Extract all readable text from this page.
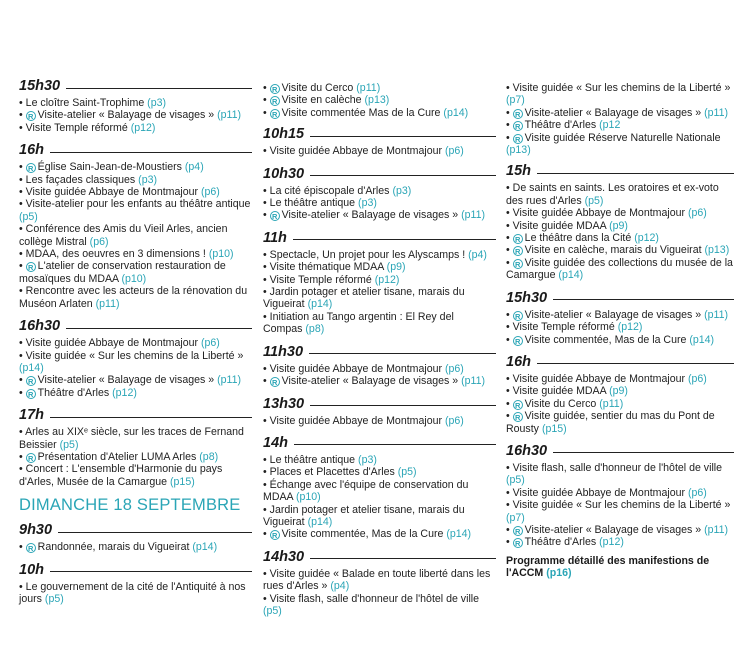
15h30

• Le cloître Saint-Trophime (p3)

• R Visite-atelier « Balayage de visages » (p11)

• Visite Temple réformé (p12)

16h

• R Église Sain-Jean-de-Moustiers (p4)

• Les façades classiques (p3)

• Visite guidée Abbaye de Montmajour (p6)

• Visite-atelier pour les enfants au théâtre antique (p5)

• Conférence des Amis du Vieil Arles, ancien collège Mistral (p6)

• MDAA, des oeuvres en 3 dimensions ! (p10)

• R L'atelier de conservation restauration de mosaïques du MDAA (p10)

• Rencontre avec les acteurs de la rénovation du Muséon Arlaten (p11)

16h30

• Visite guidée Abbaye de Montmajour (p6)

• Visite guidée « Sur les chemins de la Liberté » (p14)

• R Visite-atelier « Balayage de visages » (p11)

• R Théâtre d'Arles (p12)

17h

• Arles au XIXᵉ siècle, sur les traces de Fernand Beissier (p5)

• R Présentation d'Atelier LUMA Arles (p8)

• Concert : L'ensemble d'Harmonie du pays d'Arles, Musée de la Camargue (p15)

DIMANCHE 18 SEPTEMBRE
9h30

• R Randonnée, marais du Vigueirat (p14)

10h

• Le gouvernement de la cité de l'Antiquité à nos jours (p5)

• R Visite du Cerco (p11)

• R Visite en calèche (p13)

• R Visite commentée Mas de la Cure (p14)

10h15

• Visite guidée Abbaye de Montmajour (p6)

10h30

• La cité épiscopale d'Arles (p3)

• Le théâtre antique (p3)

• R Visite-atelier « Balayage de visages » (p11)

11h

• Spectacle, Un projet pour les Alyscamps ! (p4)

• Visite thématique MDAA (p9)

• Visite Temple réformé (p12)

• Jardin potager et atelier tisane, marais du Vigueirat (p14)

• Initiation au Tango argentin : El Rey del Compas (p8)

11h30

• Visite guidée Abbaye de Montmajour (p6)

• R Visite-atelier « Balayage de visages » (p11)

13h30

• Visite guidée Abbaye de Montmajour (p6)

14h

• Le théâtre antique (p3)

• Places et Placettes d'Arles (p5)

• Échange avec l'équipe de conservation du MDAA (p10)

• Jardin potager et atelier tisane, marais du Vigueirat (p14)

• R Visite commentée, Mas de la Cure (p14)

14h30

• Visite guidée « Balade en toute liberté dans les rues d'Arles » (p4)

• Visite flash, salle d'honneur de l'hôtel de ville (p5)

• Visite guidée « Sur les chemins de la Liberté » (p7)

• R Visite-atelier « Balayage de visages » (p11)

• R Théâtre d'Arles (p12

• R Visite guidée Réserve Naturelle Nationale (p13)

15h

• De saints en saints. Les oratoires et ex-voto des rues d'Arles (p5)

• Visite guidée Abbaye de Montmajour (p6)

• Visite guidée MDAA (p9)

• R Le théâtre dans la Cité (p12)

• R Visite en calèche, marais du Vigueirat (p13)

• R Visite guidée des collections du musée de la Camargue (p14)

15h30

• R Visite-atelier « Balayage de visages » (p11)

• Visite Temple réformé (p12)

• R Visite commentée, Mas de la Cure (p14)

16h

• Visite guidée Abbaye de Montmajour (p6)

• Visite guidée MDAA (p9)

• R Visite du Cerco (p11)

• R Visite guidée, sentier du mas du Pont de Rousty (p15)

16h30

• Visite flash, salle d'honneur de l'hôtel de ville (p5)

• Visite guidée Abbaye de Montmajour (p6)

• Visite guidée « Sur les chemins de la Liberté » (p7)

• R Visite-atelier « Balayage de visages » (p11)

• R Théâtre d'Arles (p12)

Programme détaillé des manifestions de l'ACCM (p16)
